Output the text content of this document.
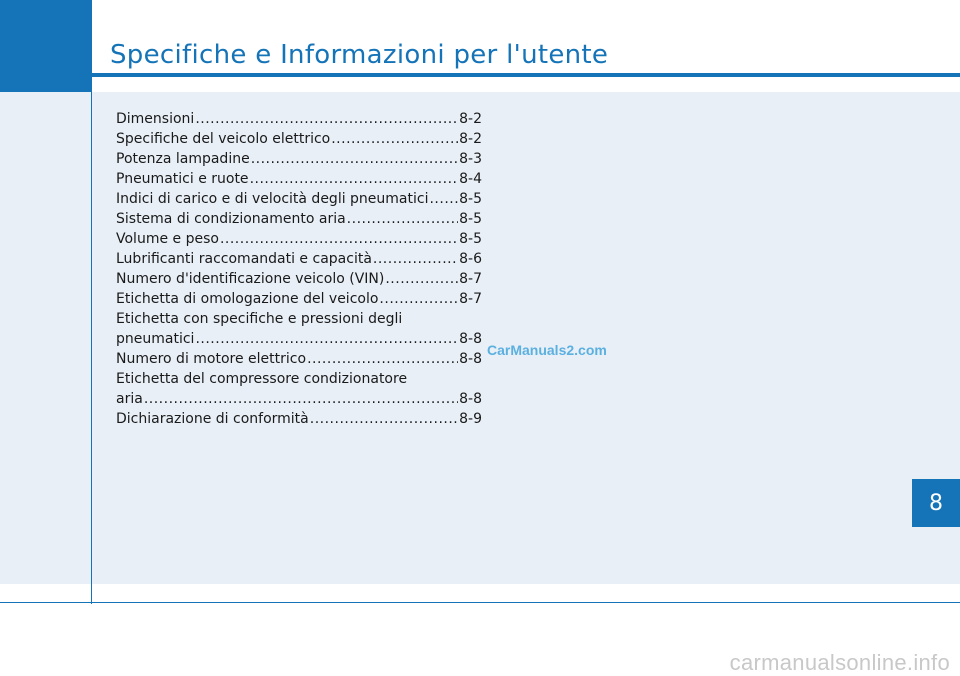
Specifiche e Informazioni per l'utente
Dimensioni .....	8-2
Specifiche del veicolo elettrico .....	8-2
Potenza lampadine .....	8-3
Pneumatici e ruote .....	8-4
Indici di carico e di velocità degli pneumatici ..... 8-5
Sistema di condizionamento aria .....	8-5
Volume e peso .....	8-5
Lubrificanti raccomandati e capacità .....	8-6
Numero d'identificazione veicolo (VIN) .....	8-7
Etichetta di omologazione del veicolo .....	8-7
Etichetta con specifiche e pressioni degli
pneumatici .....	8-8
Numero di motore elettrico .....	8-8
Etichetta del compressore condizionatore
aria .....	8-8
Dichiarazione di conformità .....	8-9
CarManuals2.com
8
carmanualsonline.info
